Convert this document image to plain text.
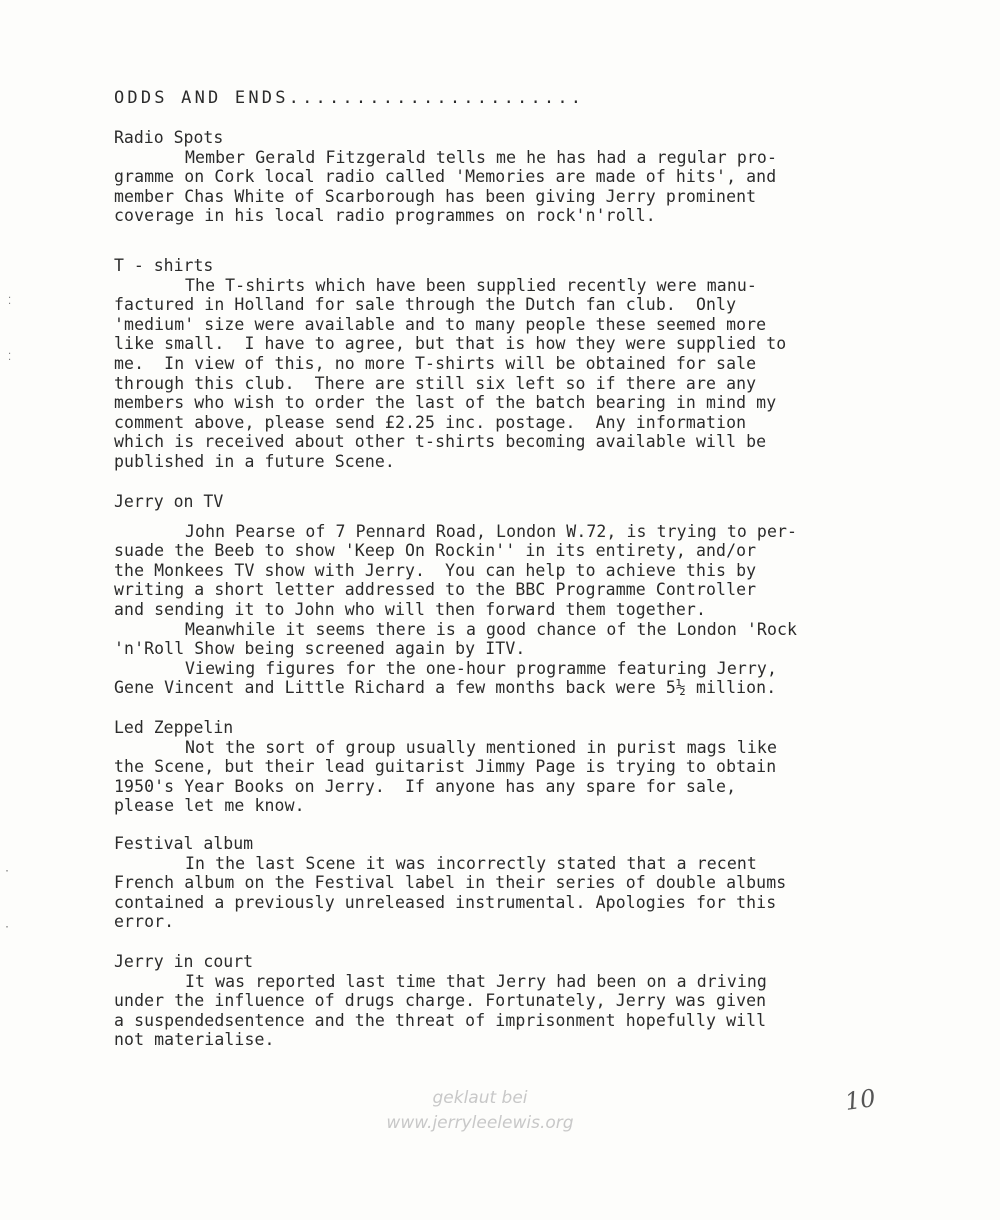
ODDS AND ENDS......................
Radio Spots
Member Gerald Fitzgerald tells me he has had a regular pro-
gramme on Cork local radio called 'Memories are made of hits', and
member Chas White of Scarborough has been giving Jerry prominent
coverage in his local radio programmes on rock'n'roll.
T - shirts
The T-shirts which have been supplied recently were manu-
factured in Holland for sale through the Dutch fan club.  Only
'medium' size were available and to many people these seemed more
like small.  I have to agree, but that is how they were supplied to
me.  In view of this, no more T-shirts will be obtained for sale
through this club.  There are still six left so if there are any
members who wish to order the last of the batch bearing in mind my
comment above, please send £2.25 inc. postage.  Any information
which is received about other t-shirts becoming available will be
published in a future Scene.
Jerry on TV
John Pearse of 7 Pennard Road, London W.72, is trying to per-
suade the Beeb to show 'Keep On Rockin'' in its entirety, and/or
the Monkees TV show with Jerry.  You can help to achieve this by
writing a short letter addressed to the BBC Programme Controller
and sending it to John who will then forward them together.
Meanwhile it seems there is a good chance of the London 'Rock
'n'Roll Show being screened again by ITV.
Viewing figures for the one-hour programme featuring Jerry,
Gene Vincent and Little Richard a few months back were 5½ million.
Led Zeppelin
Not the sort of group usually mentioned in purist mags like
the Scene, but their lead guitarist Jimmy Page is trying to obtain
1950's Year Books on Jerry.  If anyone has any spare for sale,
please let me know.
Festival album
In the last Scene it was incorrectly stated that a recent
French album on the Festival label in their series of double albums
contained a previously unreleased instrumental. Apologies for this
error.
Jerry in court
It was reported last time that Jerry had been on a driving
under the influence of drugs charge. Fortunately, Jerry was given
a suspendedsentence and the threat of imprisonment hopefully will
not materialise.
⁚
⁚
·
·
geklaut bei
www.jerryleelewis.org
10
